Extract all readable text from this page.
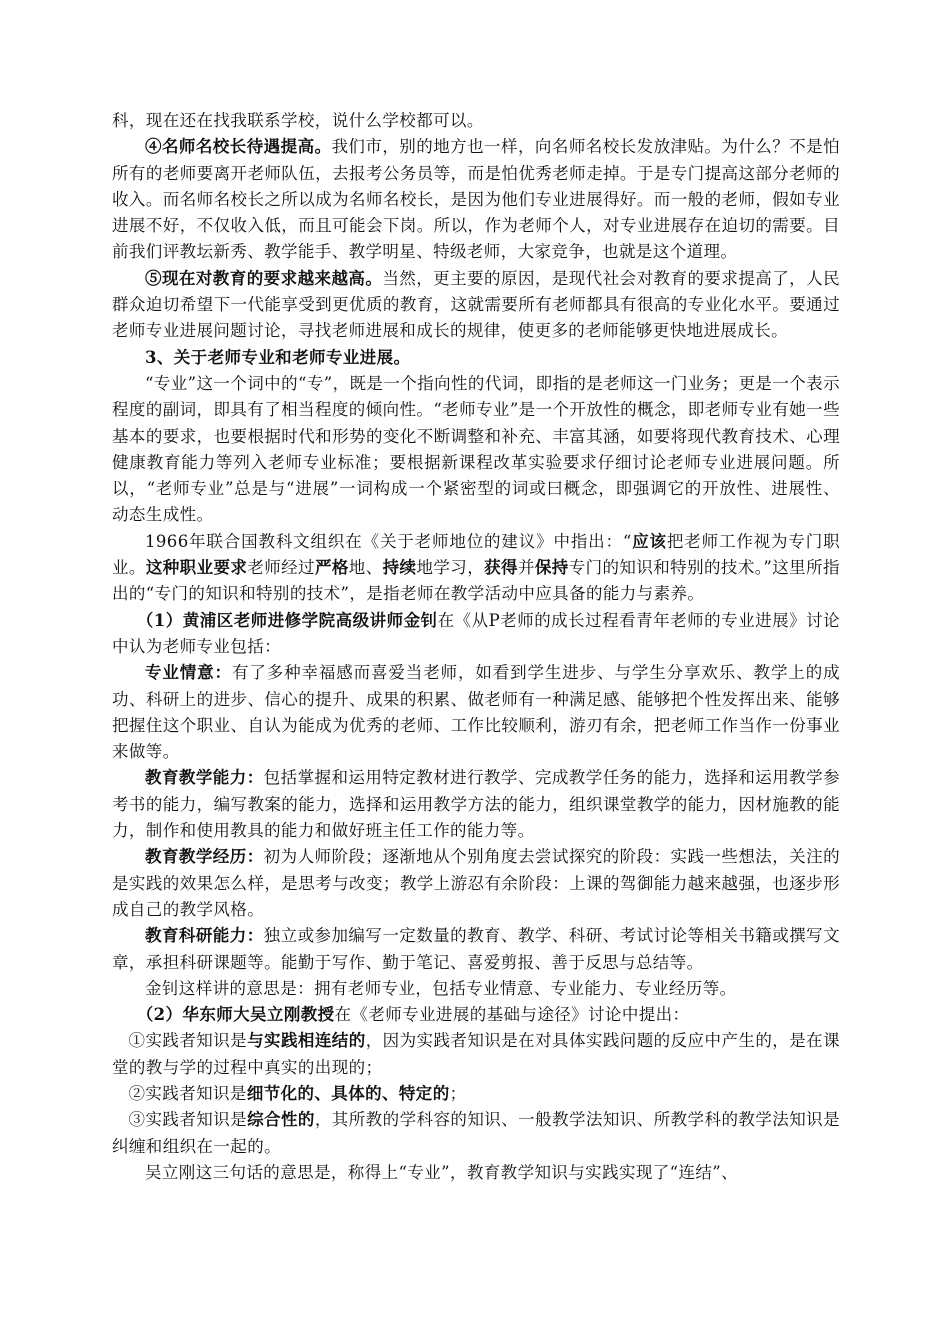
科，现在还在找我联系学校，说什么学校都可以。

④名师名校长待遇提高。我们市，别的地方也一样，向名师名校长发放津贴。为什么？不是怕所有的老师要离开老师队伍，去报考公务员等，而是怕优秀老师走掉。于是专门提高这部分老师的收入。而名师名校长之所以成为名师名校长，是因为他们专业进展得好。而一般的老师，假如专业进展不好，不仅收入低，而且可能会下岗。所以，作为老师个人，对专业进展存在迫切的需要。目前我们评教坛新秀、教学能手、教学明星、特级老师，大家竞争，也就是这个道理。

⑤现在对教育的要求越来越高。当然，更主要的原因，是现代社会对教育的要求提高了，人民群众迫切希望下一代能享受到更优质的教育，这就需要所有老师都具有很高的专业化水平。要通过老师专业进展问题讨论，寻找老师进展和成长的规律，使更多的老师能够更快地进展成长。

3、关于老师专业和老师专业进展。

“专业”这一个词中的“专”，既是一个指向性的代词，即指的是老师这一门业务；更是一个表示程度的副词，即具有了相当程度的倾向性。“老师专业”是一个开放性的概念，即老师专业有她一些基本的要求，也要根据时代和形势的变化不断调整和补充、丰富其涵，如要将现代教育技术、心理健康教育能力等列入老师专业标准；要根据新课程改革实验要求仔细讨论老师专业进展问题。所以，“老师专业”总是与“进展”一词构成一个紧密型的词或曰概念，即强调它的开放性、进展性、动态生成性。

1966年联合国教科文组织在《关于老师地位的建议》中指出：“应该把老师工作视为专门职业。这种职业要求老师经过严格地、持续地学习，获得并保持专门的知识和特别的技术。”这里所指出的“专门的知识和特别的技术”，是指老师在教学活动中应具备的能力与素养。

（1）黄浦区老师进修学院高级讲师金钊在《从P老师的成长过程看青年老师的专业进展》讨论中认为老师专业包括：

专业情意：有了多种幸福感而喜爱当老师，如看到学生进步、与学生分享欢乐、教学上的成功、科研上的进步、信心的提升、成果的积累、做老师有一种满足感、能够把个性发挥出来、能够把握住这个职业、自认为能成为优秀的老师、工作比较顺利，游刃有余，把老师工作当作一份事业来做等。

教育教学能力：包括掌握和运用特定教材进行教学、完成教学任务的能力，选择和运用教学参考书的能力，编写教案的能力，选择和运用教学方法的能力，组织课堂教学的能力，因材施教的能力，制作和使用教具的能力和做好班主任工作的能力等。

教育教学经历：初为人师阶段；逐渐地从个别角度去尝试探究的阶段：实践一些想法，关注的是实践的效果怎么样，是思考与改变；教学上游忍有余阶段：上课的驾御能力越来越强，也逐步形成自己的教学风格。

教育科研能力：独立或参加编写一定数量的教育、教学、科研、考试讨论等相关书籍或撰写文章，承担科研课题等。能勤于写作、勤于笔记、喜爱剪报、善于反思与总结等。

金钊这样讲的意思是：拥有老师专业，包括专业情意、专业能力、专业经历等。

（2）华东师大吴立刚教授在《老师专业进展的基础与途径》讨论中提出：

①实践者知识是与实践相连结的，因为实践者知识是在对具体实践问题的反应中产生的，是在课堂的教与学的过程中真实的出现的；

②实践者知识是细节化的、具体的、特定的；

③实践者知识是综合性的，其所教的学科容的知识、一般教学法知识、所教学科的教学法知识是纠缠和组织在一起的。

吴立刚这三句话的意思是，称得上“专业”，教育教学知识与实践实现了“连结”、
